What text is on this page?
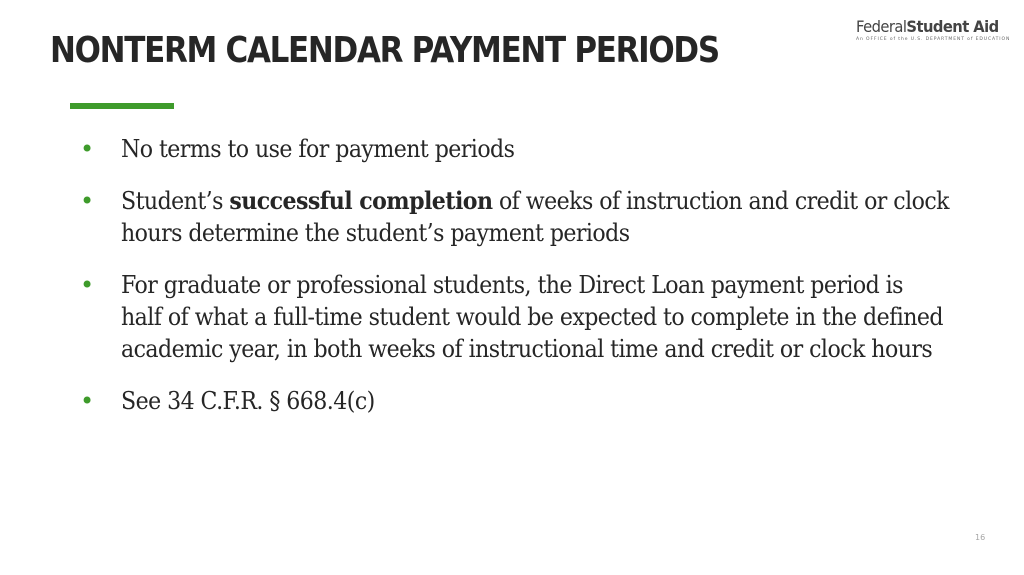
NONTERM CALENDAR PAYMENT PERIODS
FederalStudent Aid
An OFFICE of the U.S. DEPARTMENT of EDUCATION
• No terms to use for payment periods
• Student’s successful completion of weeks of instruction and credit or clock hours determine the student’s payment periods
• For graduate or professional students, the Direct Loan payment period is half of what a full-time student would be expected to complete in the defined academic year, in both weeks of instructional time and credit or clock hours
• See 34 C.F.R. § 668.4(c)
16
